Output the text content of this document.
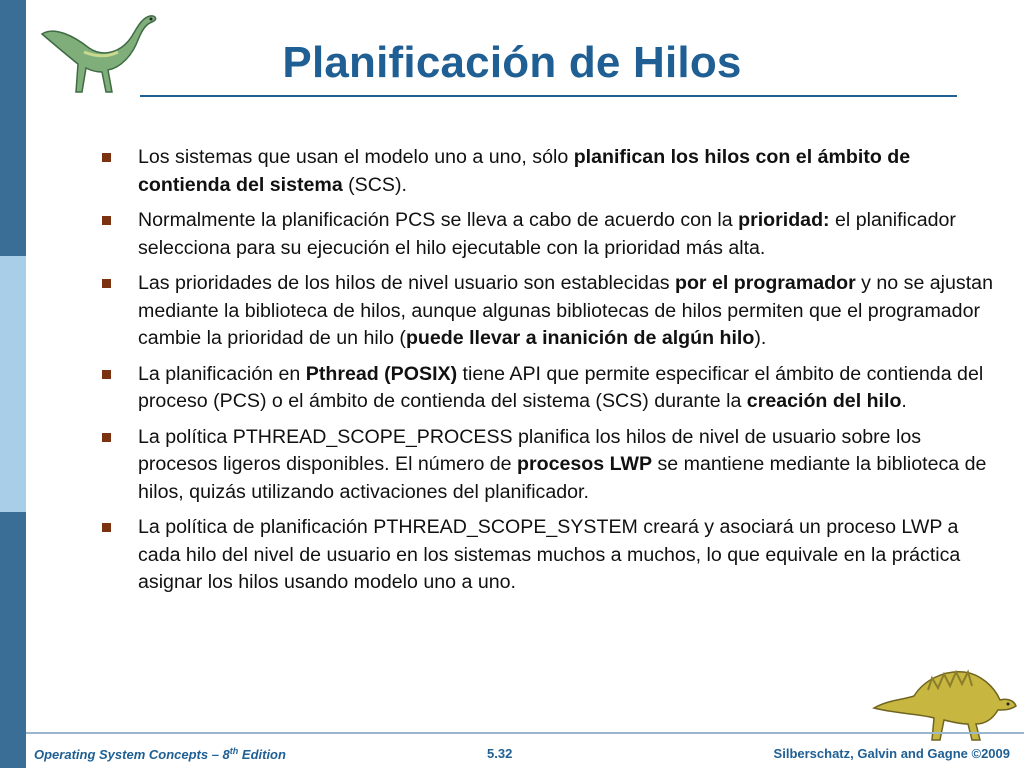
Planificación de Hilos
Los sistemas que usan el modelo uno a uno, sólo planifican los hilos con el ámbito de contienda del sistema (SCS).
Normalmente la planificación PCS se lleva a cabo de acuerdo con la prioridad: el planificador selecciona para su ejecución el hilo ejecutable con la prioridad más alta.
Las prioridades de los hilos de nivel usuario son establecidas por el programador y no se ajustan mediante la biblioteca de hilos, aunque algunas bibliotecas de hilos permiten que el programador cambie la prioridad de un hilo (puede llevar a inanición de algún hilo).
La planificación en Pthread (POSIX) tiene API que permite especificar el ámbito de contienda del proceso (PCS) o el ámbito de contienda del sistema (SCS) durante la creación del hilo.
La política PTHREAD_SCOPE_PROCESS planifica los hilos de nivel de usuario sobre los procesos ligeros disponibles. El número de procesos LWP se mantiene mediante la biblioteca de hilos, quizás utilizando activaciones del planificador.
La política de planificación PTHREAD_SCOPE_SYSTEM creará y asociará un proceso LWP a cada hilo del nivel de usuario en los sistemas muchos a muchos, lo que equivale en la práctica asignar los hilos usando modelo uno a uno.
Operating System Concepts – 8th Edition	5.32	Silberschatz, Galvin and Gagne ©2009
